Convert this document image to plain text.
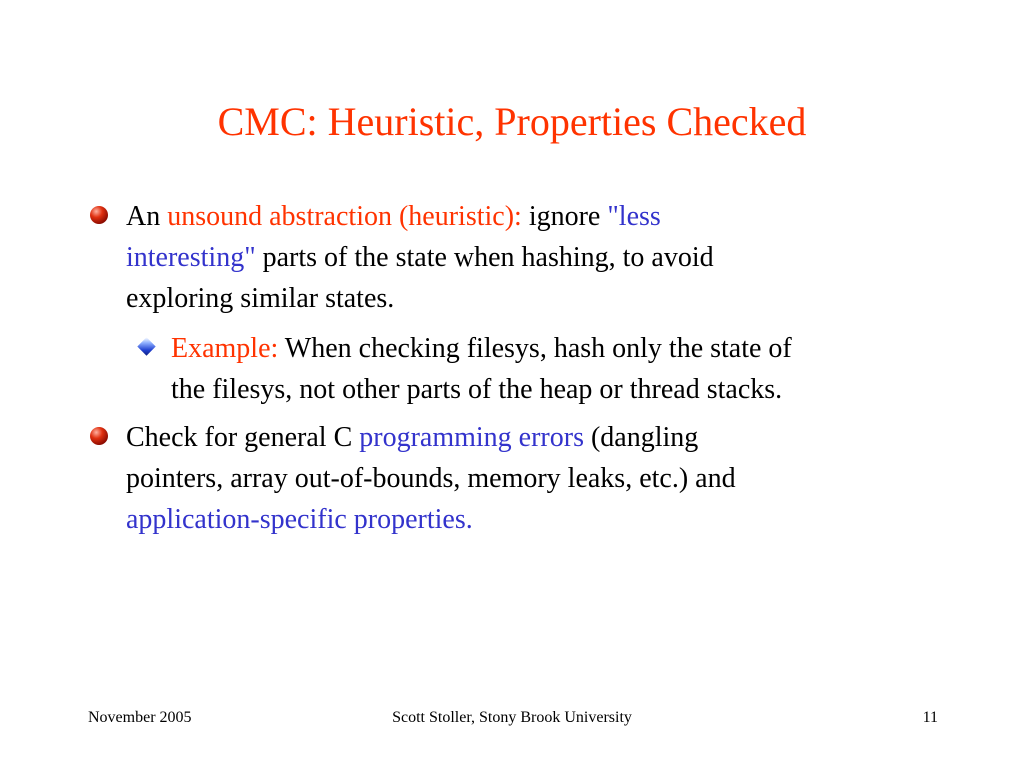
CMC: Heuristic, Properties Checked
An unsound abstraction (heuristic): ignore "less
interesting" parts of the state when hashing, to avoid
exploring similar states.
Example: When checking filesys, hash only the state of
the filesys, not other parts of the heap or thread stacks.
Check for general C programming errors (dangling
pointers, array out-of-bounds, memory leaks, etc.) and
application-specific properties.
November 2005	Scott Stoller, Stony Brook University	11
